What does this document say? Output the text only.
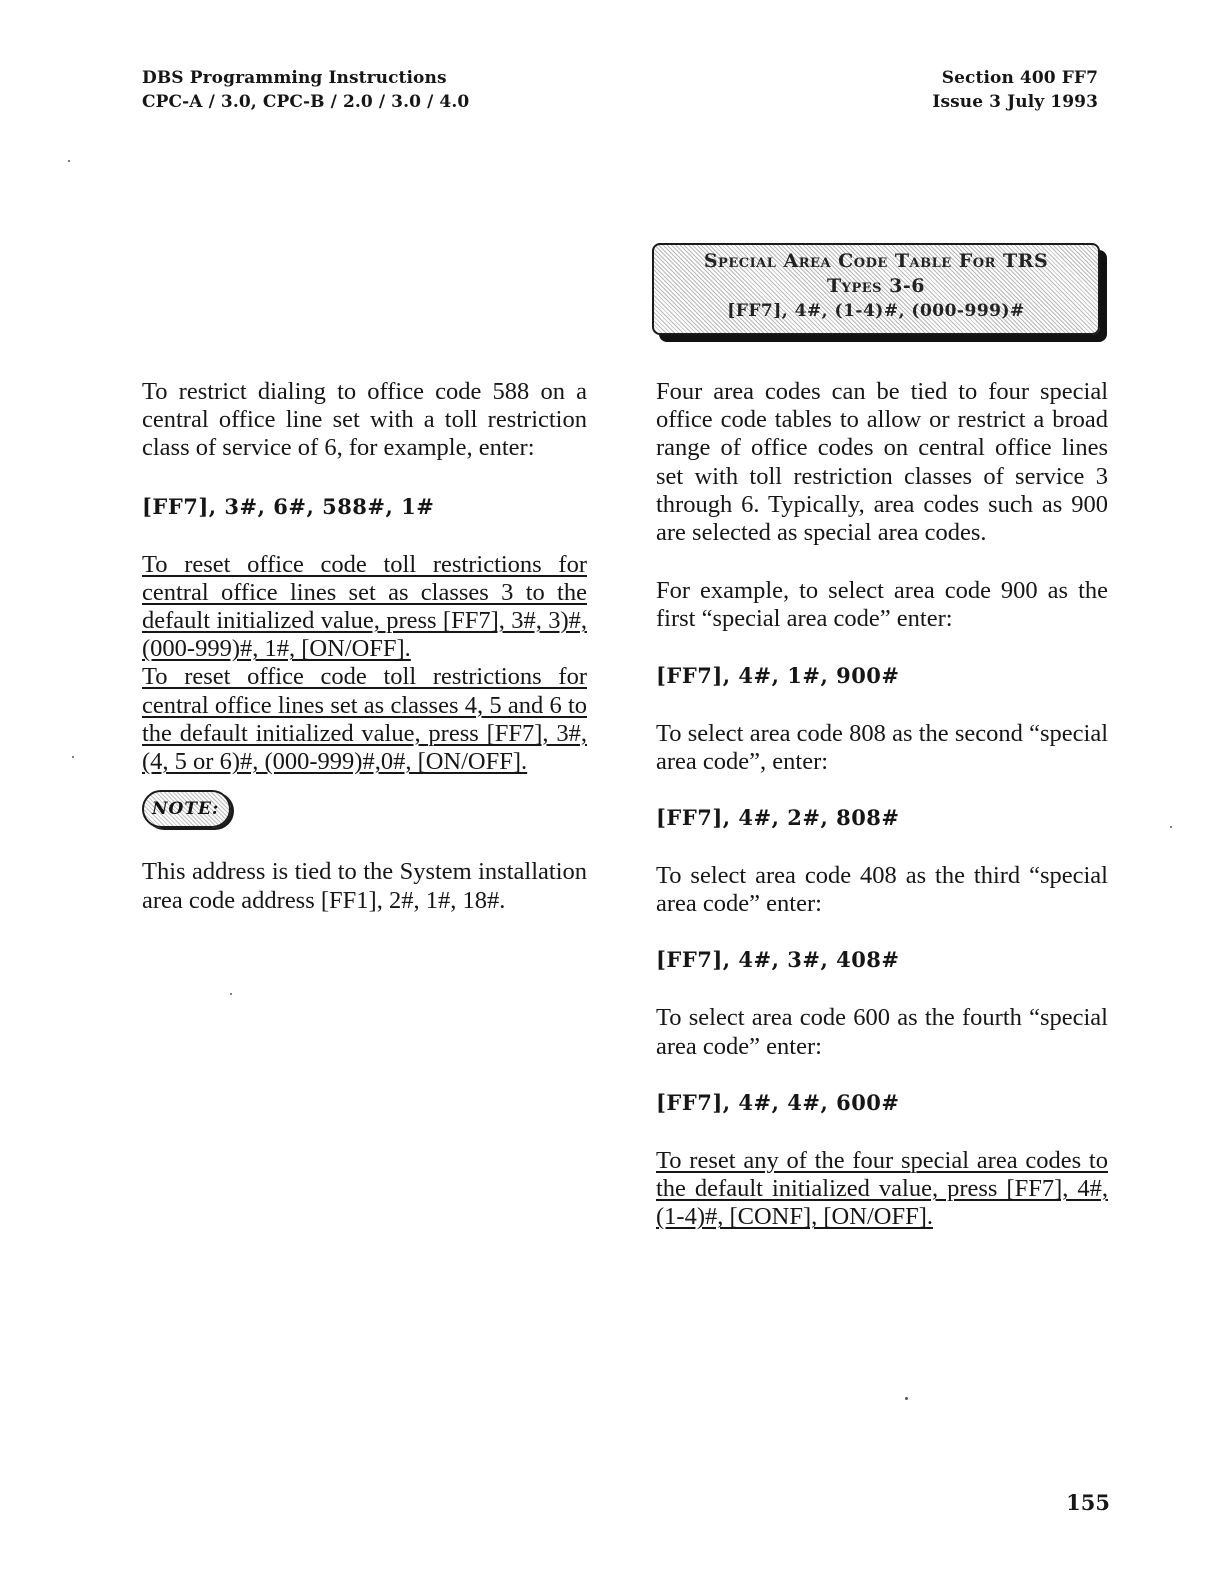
DBS Programming Instructions
CPC-A / 3.0, CPC-B / 2.0 / 3.0 / 4.0
Section 400 FF7
Issue 3 July 1993
Special Area Code Table For TRS
Types 3-6
[FF7], 4#, (1-4)#, (000-999)#

To restrict dialing to office code 588 on a central office line set with a toll restriction class of service of 6, for example, enter:

[FF7], 3#, 6#, 588#, 1#

To reset office code toll restrictions for central office lines set as classes 3 to the default initialized value, press [FF7], 3#, 3)#, (000-999)#, 1#, [ON/OFF].

To reset office code toll restrictions for central office lines set as classes 4, 5 and 6 to the default initialized value, press [FF7], 3#, (4, 5 or 6)#, (000-999)#,0#, [ON/OFF].

NOTE:

This address is tied to the System installation area code address [FF1], 2#, 1#, 18#.

Four area codes can be tied to four special office code tables to allow or restrict a broad range of office codes on central office lines set with toll restriction classes of service 3 through 6. Typically, area codes such as 900 are selected as special area codes.

For example, to select area code 900 as the first “special area code” enter:

[FF7], 4#, 1#, 900#

To select area code 808 as the second “special area code”, enter:

[FF7], 4#, 2#, 808#

To select area code 408 as the third “special area code” enter:

[FF7], 4#, 3#, 408#

To select area code 600 as the fourth “special area code” enter:

[FF7], 4#, 4#, 600#

To reset any of the four special area codes to the default initialized value, press [FF7], 4#, (1-4)#, [CONF], [ON/OFF].

155
